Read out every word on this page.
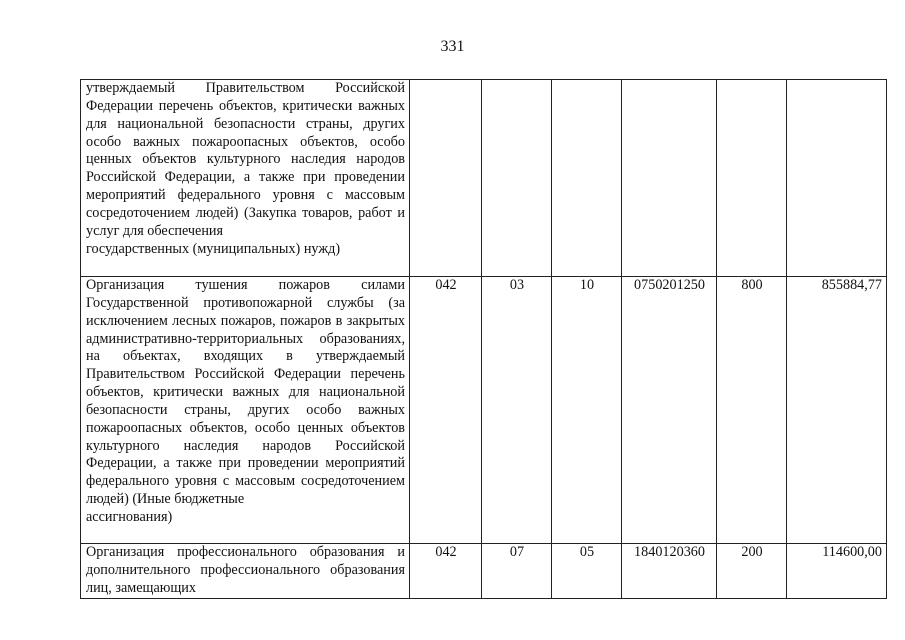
331
утверждаемый Правительством Российской Федерации перечень объектов, критически важных для национальной безопасности страны, других особо важных пожароопасных объектов, особо ценных объектов культурного наследия народов Российской Федерации, а также при проведении мероприятий федерального уровня с массовым сосредоточением людей) (Закупка товаров, работ и услуг для обеспечения
государственных (муниципальных) нужд)						

Организация тушения пожаров силами Государственной противопожарной службы (за исключением лесных пожаров, пожаров в закрытых административно-территориальных образованиях, на объектах, входящих в утверждаемый Правительством Российской Федерации перечень объектов, критически важных для национальной безопасности страны, других особо важных пожароопасных объектов, особо ценных объектов культурного наследия народов Российской Федерации, а также при проведении мероприятий федерального уровня с массовым сосредоточением людей) (Иные бюджетные
ассигнования)	042	03	10	0750201250	800	855884,77
Организация профессионального образования и дополнительного профессионального образования лиц, замещающих	042	07	05	1840120360	200	114600,00
